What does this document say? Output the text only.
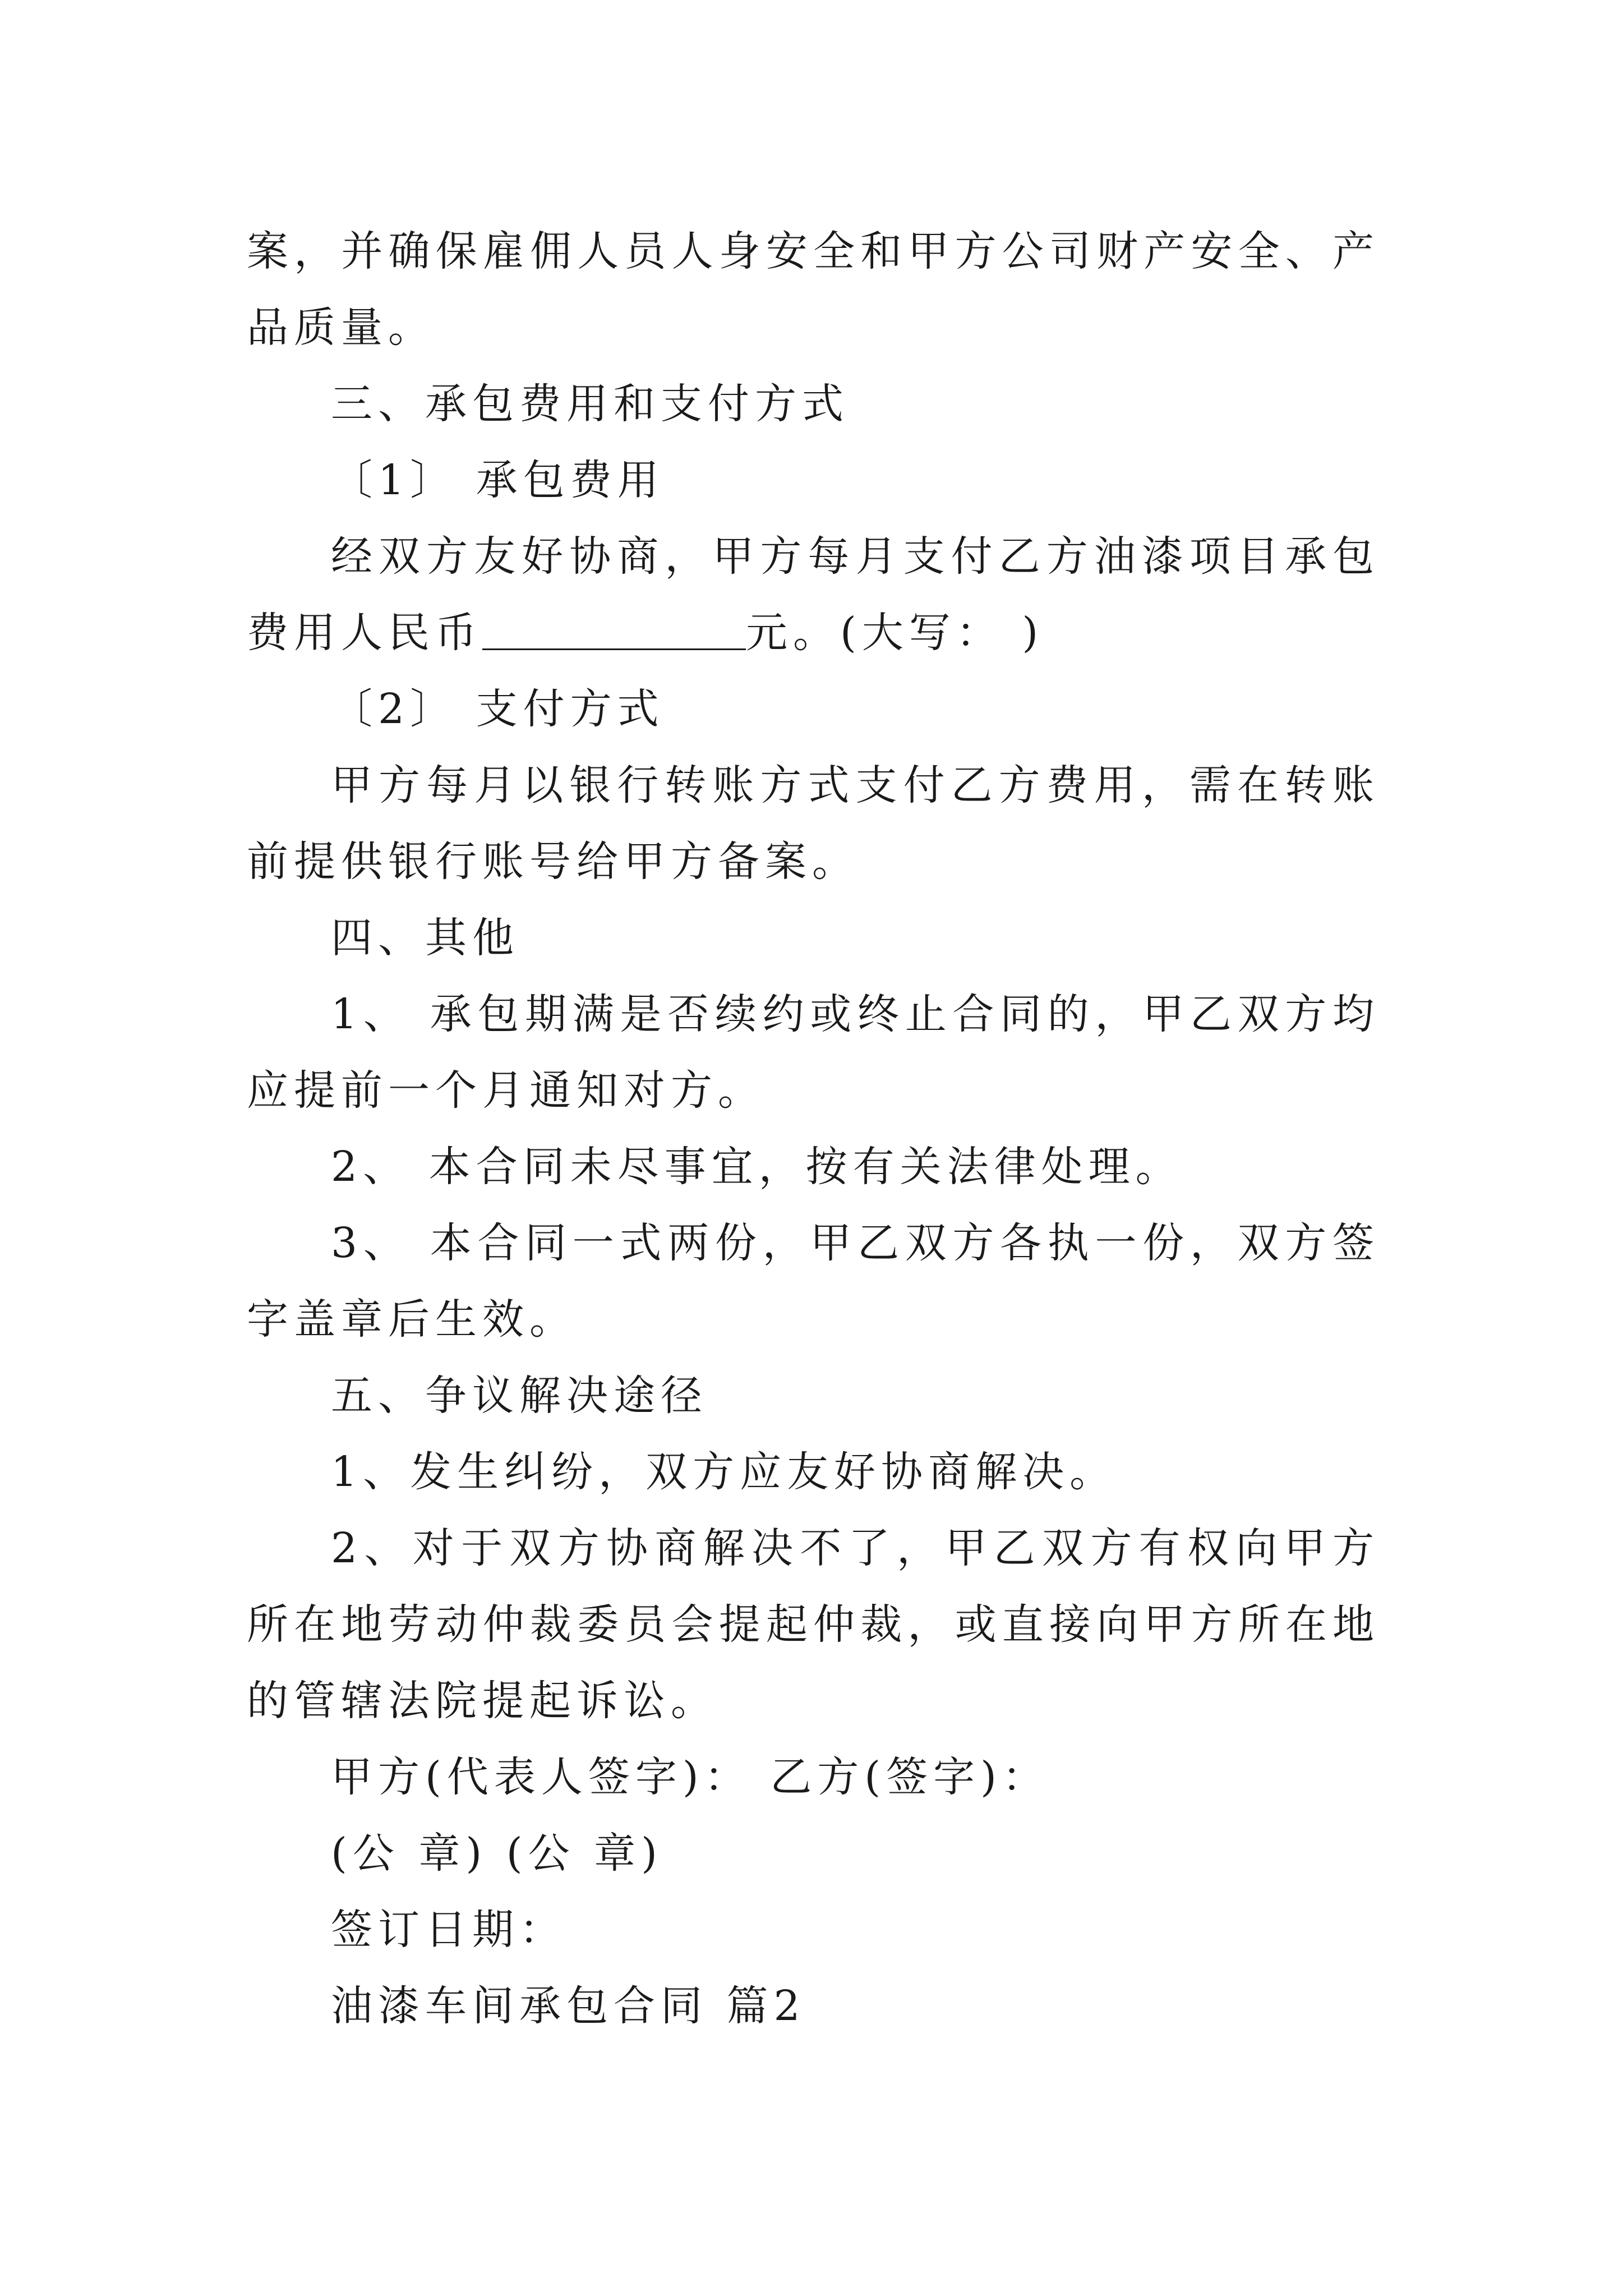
案，并确保雇佣人员人身安全和甲方公司财产安全、产品质量。

三、承包费用和支付方式

〔1〕 承包费用

经双方友好协商，甲方每月支付乙方油漆项目承包费用人民币	元。(大写： )

〔2〕 支付方式

甲方每月以银行转账方式支付乙方费用，需在转账前提供银行账号给甲方备案。

四、其他

1、 承包期满是否续约或终止合同的，甲乙双方均应提前一个月通知对方。

2、 本合同未尽事宜，按有关法律处理。

3、 本合同一式两份，甲乙双方各执一份，双方签字盖章后生效。

五、争议解决途径

1、发生纠纷，双方应友好协商解决。

2、对于双方协商解决不了，甲乙双方有权向甲方所在地劳动仲裁委员会提起仲裁，或直接向甲方所在地的管辖法院提起诉讼。

甲方(代表人签字)： 乙方(签字)：

(公 章) (公 章)

签订日期：

油漆车间承包合同 篇2
